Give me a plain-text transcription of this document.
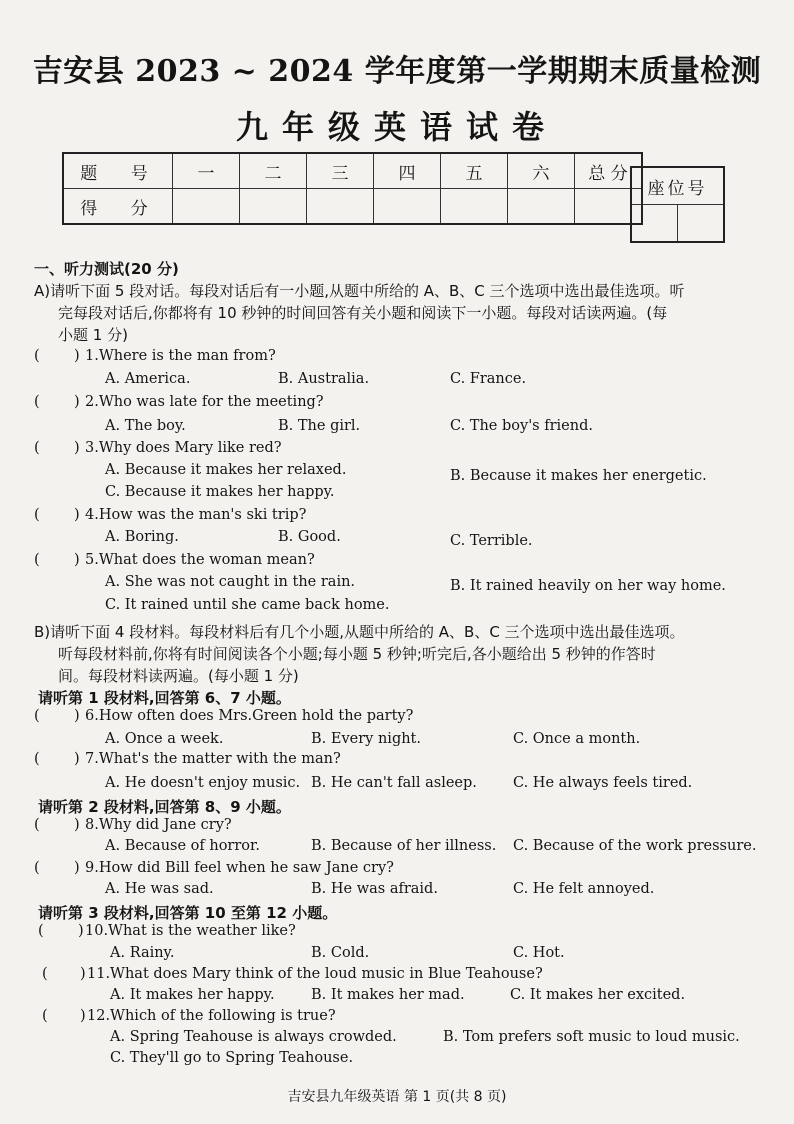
吉安县 2023 ~ 2024 学年度第一学期期末质量检测
九年级英语试卷
题 号	一	二	三	四	五	六	总 分
得 分							
座位号

一、听力测试(20 分)
A)请听下面 5 段对话。每段对话后有一小题,从题中所给的 A、B、C 三个选项中选出最佳选项。听
完每段对话后,你都将有 10 秒钟的时间回答有关小题和阅读下一小题。每段对话读两遍。(每
小题 1 分)
( ) 1.Where is the man from?
A. America.	B. Australia.	C. France.
( ) 2.Who was late for the meeting?
A. The boy.	B. The girl.	C. The boy's friend.
( ) 3.Why does Mary like red?
A. Because it makes her relaxed.	B. Because it makes her energetic.
C. Because it makes her happy.
( ) 4.How was the man's ski trip?
A. Boring.	B. Good.	C. Terrible.
( ) 5.What does the woman mean?
A. She was not caught in the rain.	B. It rained heavily on her way home.
C. It rained until she came back home.
B)请听下面 4 段材料。每段材料后有几个小题,从题中所给的 A、B、C 三个选项中选出最佳选项。
听每段材料前,你将有时间阅读各个小题;每小题 5 秒钟;听完后,各小题给出 5 秒钟的作答时
间。每段材料读两遍。(每小题 1 分)
请听第 1 段材料,回答第 6、7 小题。
( ) 6.How often does Mrs.Green hold the party?
A. Once a week.	B. Every night.	C. Once a month.
( ) 7.What's the matter with the man?
A. He doesn't enjoy music. B. He can't fall asleep. C. He always feels tired.
请听第 2 段材料,回答第 8、9 小题。
( ) 8.Why did Jane cry?
A. Because of horror.	B. Because of her illness. C. Because of the work pressure.
( ) 9.How did Bill feel when he saw Jane cry?
A. He was sad.	B. He was afraid.	C. He felt annoyed.
请听第 3 段材料,回答第 10 至第 12 小题。
( ) 10.What is the weather like?
A. Rainy.	B. Cold.	C. Hot.
( ) 11.What does Mary think of the loud music in Blue Teahouse?
A. It makes her happy.	B. It makes her mad.	C. It makes her excited.
( ) 12.Which of the following is true?
A. Spring Teahouse is always crowded.	B. Tom prefers soft music to loud music.
C. They'll go to Spring Teahouse.
吉安县九年级英语 第 1 页(共 8 页)
